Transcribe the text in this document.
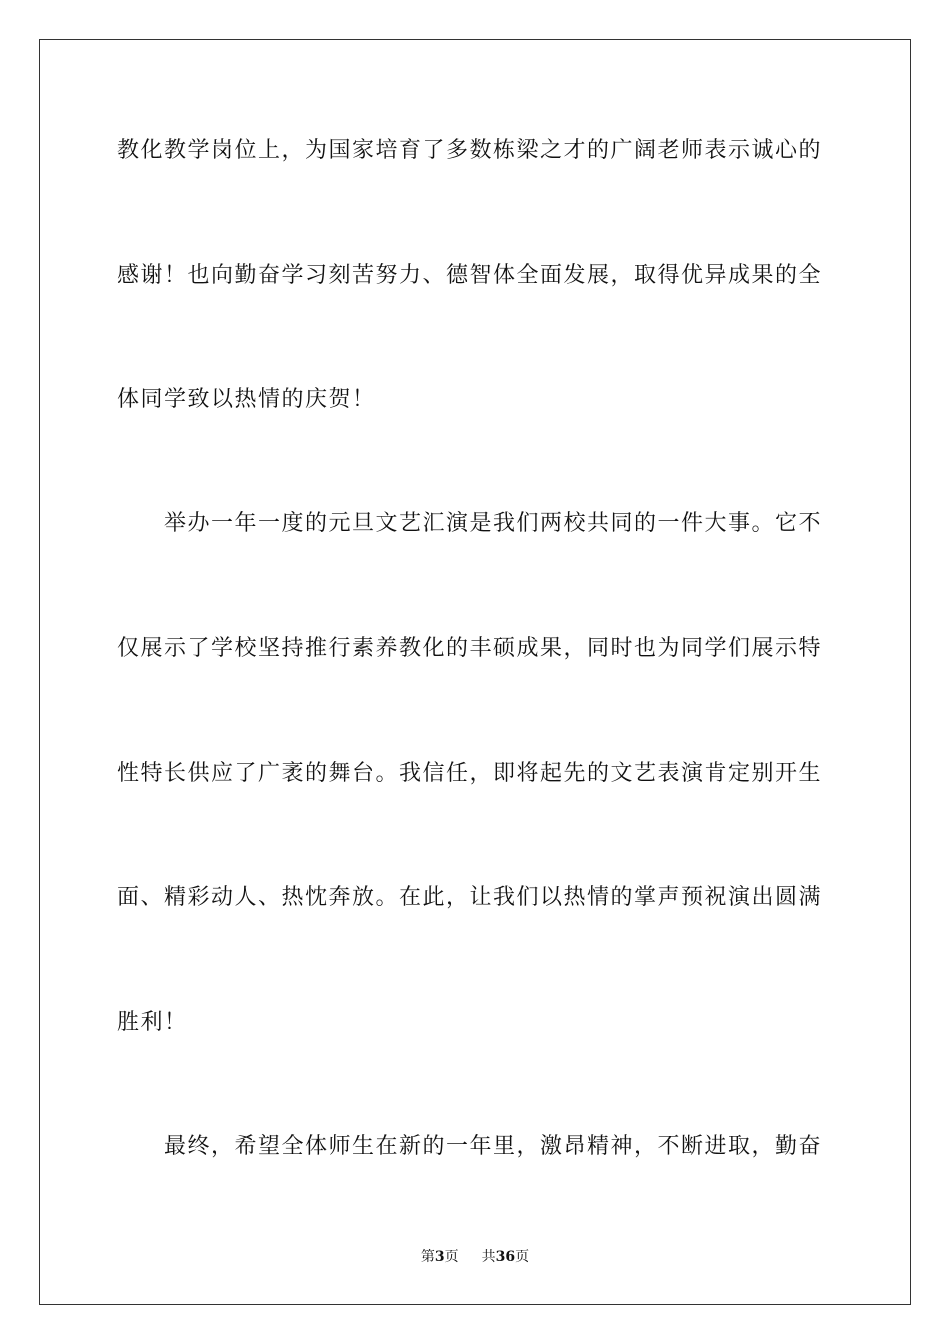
教化教学岗位上，为国家培育了多数栋梁之才的广阔老师表示诚心的
感谢！也向勤奋学习刻苦努力、德智体全面发展，取得优异成果的全
体同学致以热情的庆贺！
举办一年一度的元旦文艺汇演是我们两校共同的一件大事。它不
仅展示了学校坚持推行素养教化的丰硕成果，同时也为同学们展示特
性特长供应了广袤的舞台。我信任，即将起先的文艺表演肯定别开生
面、精彩动人、热忱奔放。在此，让我们以热情的掌声预祝演出圆满
胜利！
最终，希望全体师生在新的一年里，激昂精神，不断进取，勤奋
第3页 共36页
